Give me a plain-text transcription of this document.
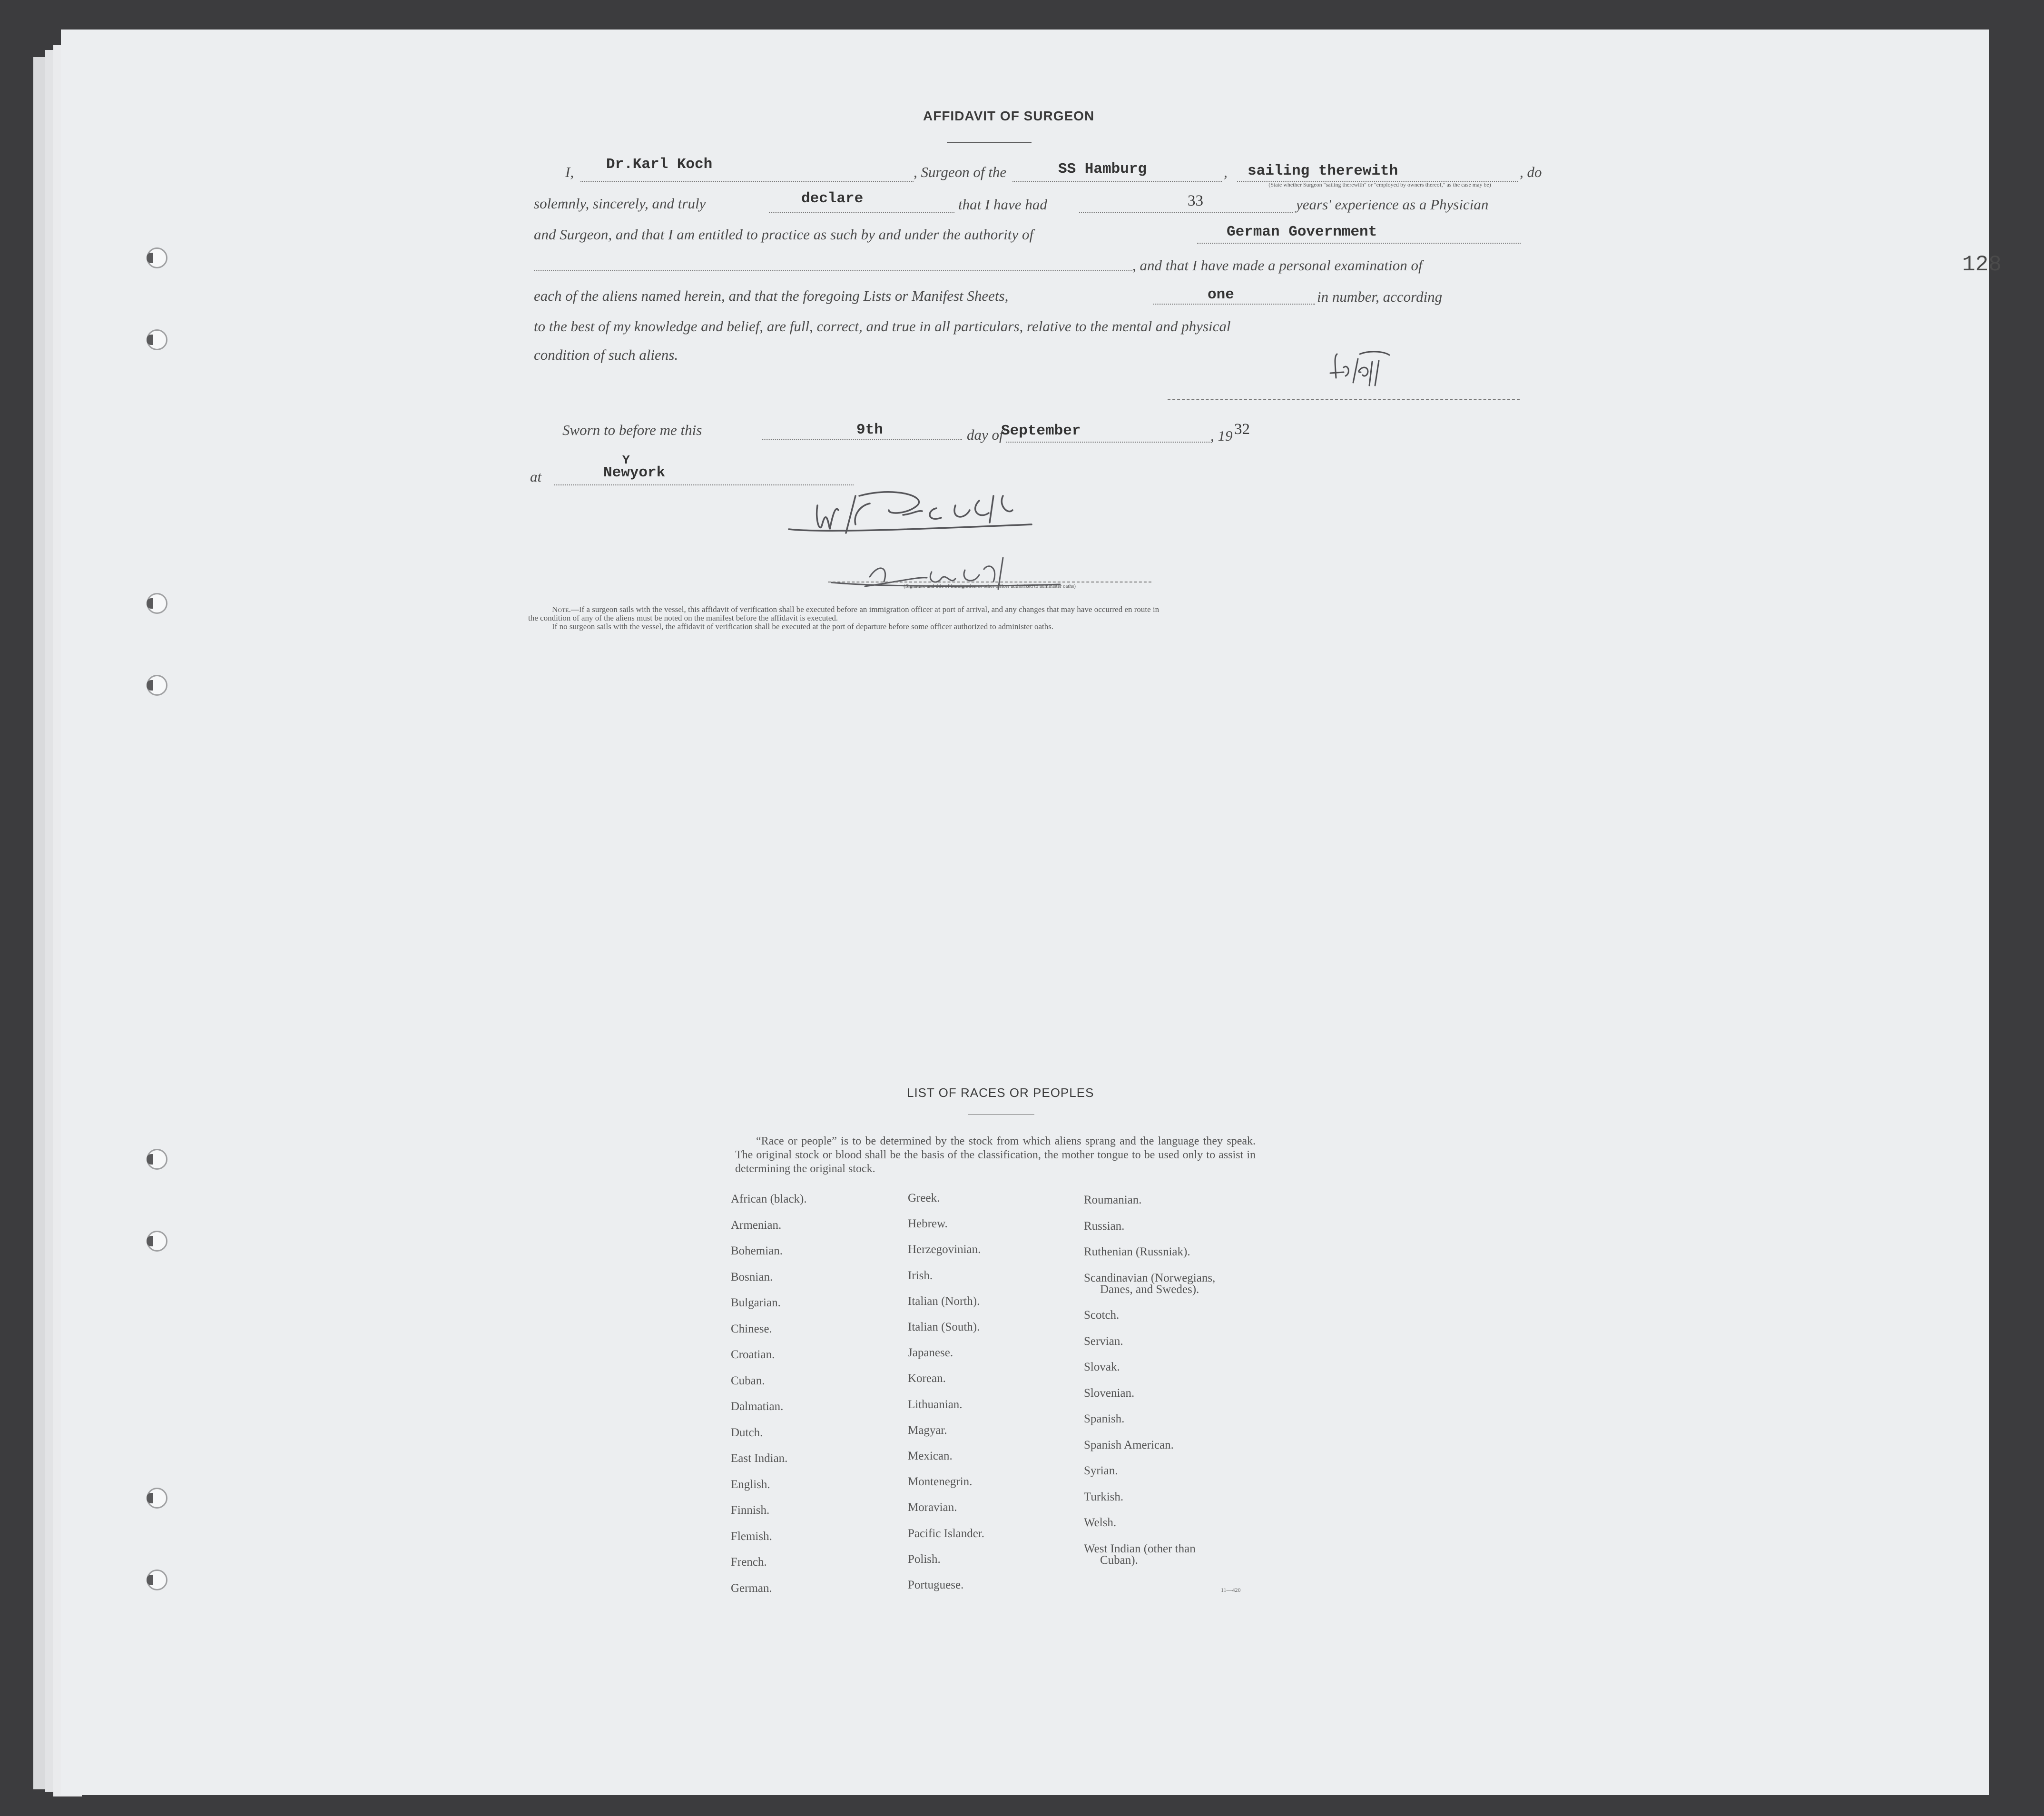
128
AFFIDAVIT OF SURGEON
I, Dr.Karl Koch	, Surgeon of the	SS Hamburg	, sailing therewith	, do
(State whether Surgeon "sailing therewith" or "employed by owners thereof," as the case may be)
solemnly, sincerely, and truly	declare	that I have had	33	years' experience as a Physician
and Surgeon, and that I am entitled to practice as such by and under the authority of	German Government
, and that I have made a personal examination of
each of the aliens named herein, and that the foregoing Lists or Manifest Sheets,	one	in number, according
to the best of my knowledge and belief, are full, correct, and true in all particulars, relative to the mental and physical
condition of such aliens.
Sworn to before me this	9th	day of
September	, 19 32
at
Y
Newyork
(Signature and title of immigration or other officer authorized to administer oaths)
Note.—If a surgeon sails with the vessel, this affidavit of verification shall be executed before an immigration officer at port of arrival, and any changes that may have occurred en route in
the condition of any of the aliens must be noted on the manifest before the affidavit is executed.
If no surgeon sails with the vessel, the affidavit of verification shall be executed at the port of departure before some officer authorized to administer oaths.
LIST OF RACES OR PEOPLES
“Race or people” is to be determined by the stock from which aliens sprang and the language they speak. The original stock or blood shall be the basis of the classification, the mother tongue to be used only to assist in determining the original stock.
African (black).
Armenian.
Bohemian.
Bosnian.
Bulgarian.
Chinese.
Croatian.
Cuban.
Dalmatian.
Dutch.
East Indian.
English.
Finnish.
Flemish.
French.
German.
Greek.
Hebrew.
Herzegovinian.
Irish.
Italian (North).
Italian (South).
Japanese.
Korean.
Lithuanian.
Magyar.
Mexican.
Montenegrin.
Moravian.
Pacific Islander.
Polish.
Portuguese.
Roumanian.
Russian.
Ruthenian (Russniak).
Scandinavian (Norwegians,
Danes, and Swedes).
Scotch.
Servian.
Slovak.
Slovenian.
Spanish.
Spanish American.
Syrian.
Turkish.
Welsh.
West Indian (other than
Cuban).
11—420
